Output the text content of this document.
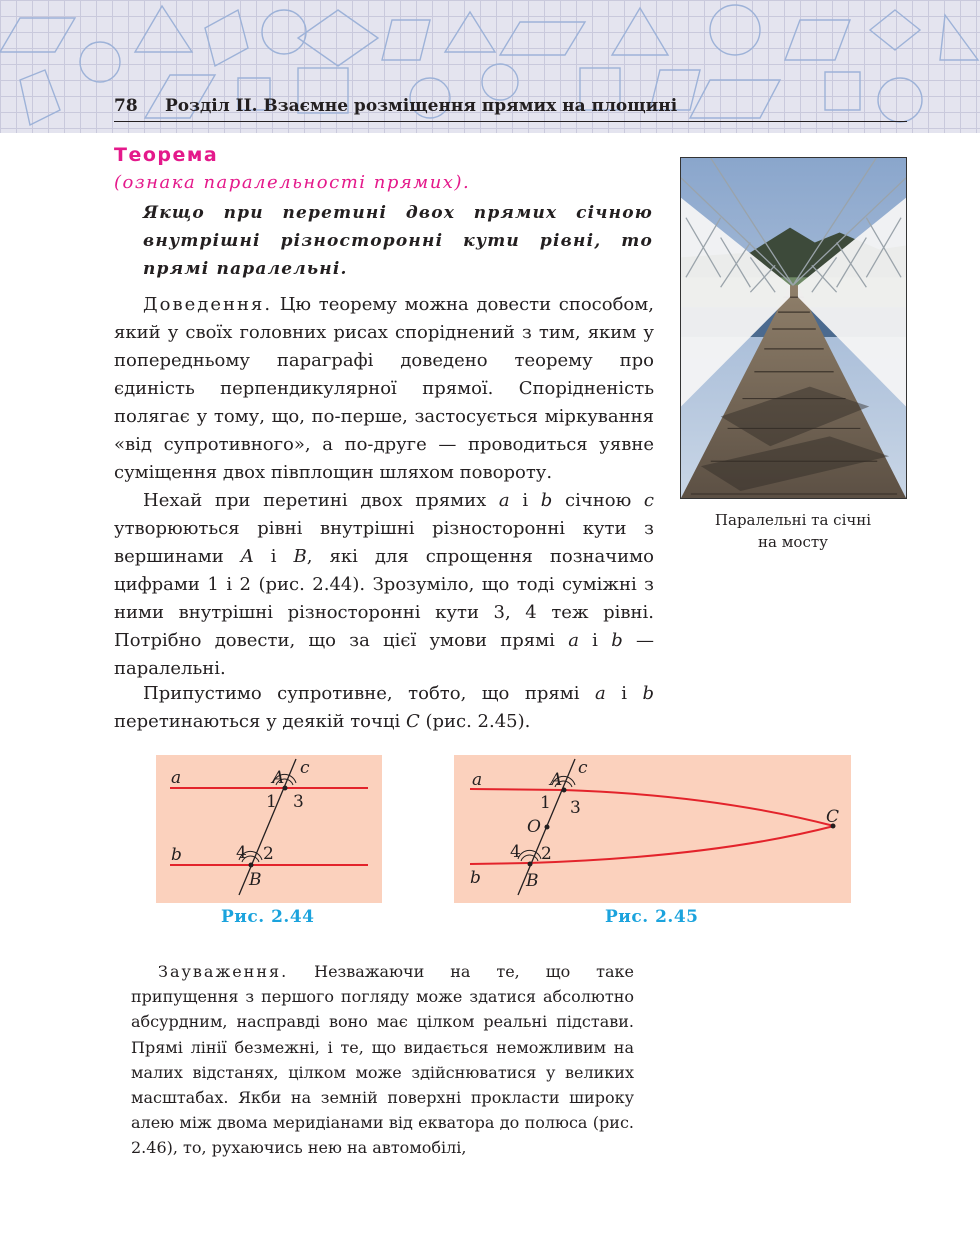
78 Розділ II. Взаємне розміщення прямих на площині
Теорема
(ознака паралельності прямих).
Якщо при перетині двох прямих січною внутрішні різносторонні кути рівні, то прямі паралельні.
Доведення. Цю теорему можна довести способом, який у своїх головних рисах споріднений з тим, яким у попередньому параграфі доведено теорему про єдиність перпендикулярної прямої. Спорідненість полягає у тому, що, по-перше, застосується міркування «від супротивного», а по-друге — проводиться уявне суміщення двох півплощин шляхом повороту.
Нехай при перетині двох прямих a і b січною c утворюються рівні внутрішні різносторонні кути з вершинами A і B, які для спрощення позначимо цифрами 1 і 2 (рис. 2.44). Зрозуміло, що тоді суміжні з ними внутрішні різносторонні кути 3, 4 теж рівні. Потрібно довести, що за цієї умови прямі a і b — паралельні.
Припустимо супротивне, тобто, що прямі a і b перетинаються у деякій точці C (рис. 2.45).
Паралельні та січні
на мосту
a
b
c
A
B
1 3
4 2
Рис. 2.44
a
b
c
A
O
B
C
1 3
4 2
Рис. 2.45
Зауваження. Незважаючи на те, що таке припущення з першого погляду може здатися абсолютно абсурдним, насправді воно має цілком реальні підстави. Прямі лінії безмежні, і те, що видається неможливим на малих відстанях, цілком може здійснюватися у великих масштабах. Якби на земній поверхні прокласти широку алею між двома меридіанами від екватора до полюса (рис. 2.46), то, рухаючись нею на автомобілі,
